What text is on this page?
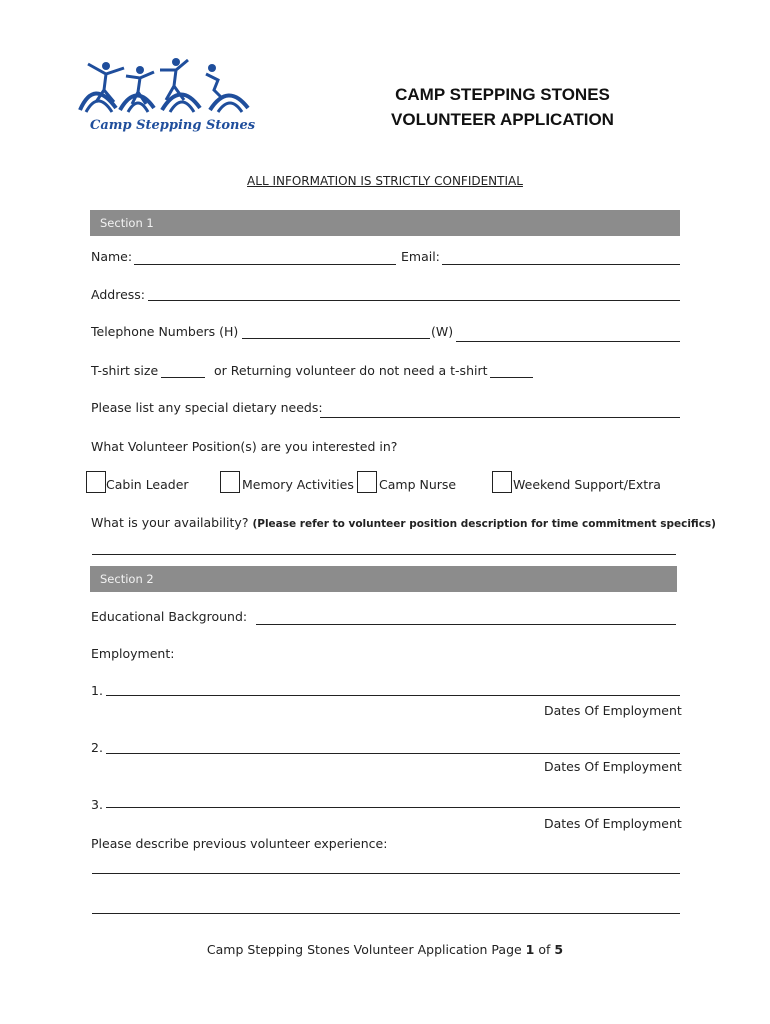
Camp Stepping Stones
CAMP STEPPING STONES
VOLUNTEER APPLICATION
ALL INFORMATION IS STRICTLY CONFIDENTIAL
Section 1
Name:	Email:
Address:
Telephone Numbers (H)	(W)
T-shirt size	or Returning volunteer do not need a t-shirt
Please list any special dietary needs:
What Volunteer Position(s) are you interested in?
Cabin Leader	Memory Activities Camp Nurse	Weekend Support/Extra
What is your availability? (Please refer to volunteer position description for time commitment specifics)
Section 2
Educational Background:
Employment:
1.
Dates Of Employment
2.
Dates Of Employment
3.
Dates Of Employment
Please describe previous volunteer experience:
Camp Stepping Stones Volunteer Application Page 1 of 5
